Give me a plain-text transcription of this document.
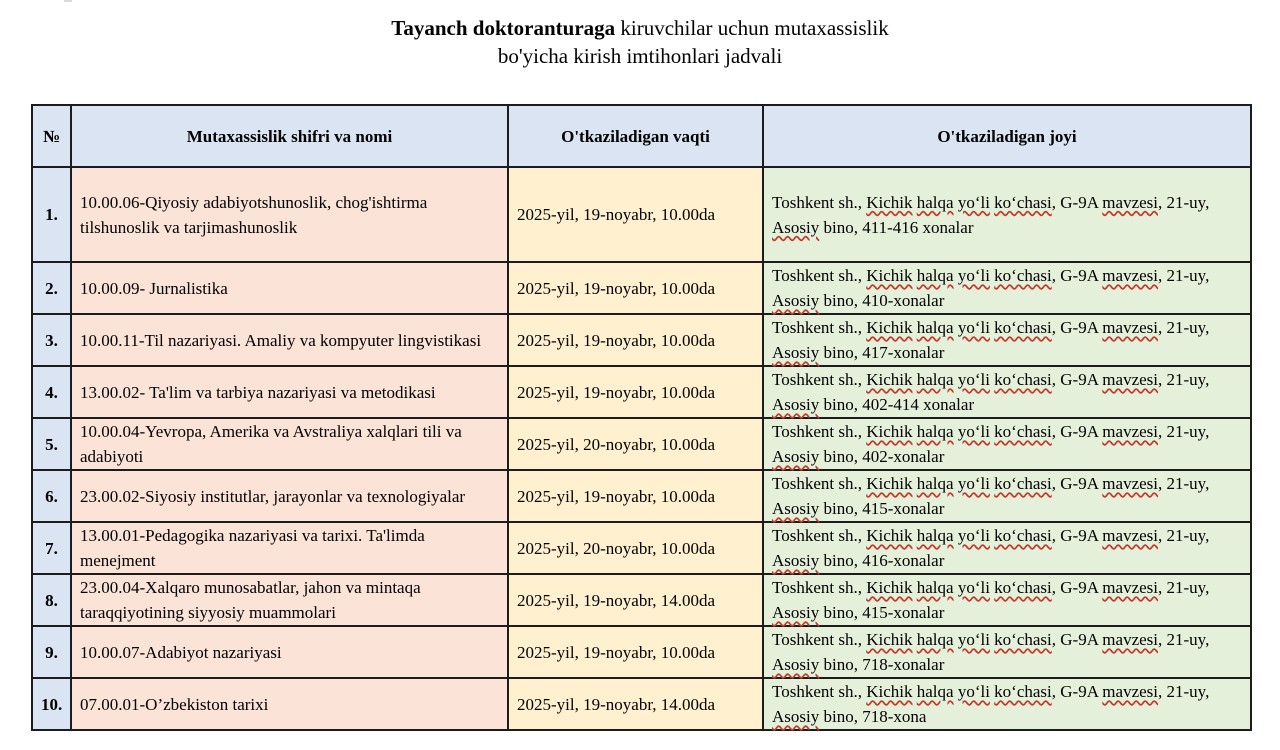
Tayanch doktoranturaga kiruvchilar uchun mutaxassislik
bo'yicha kirish imtihonlari jadvali
№	Mutaxassislik shifri va nomi	O'tkaziladigan vaqti	O'tkaziladigan joyi
1.	10.00.06-Qiyosiy adabiyotshunoslik, chog'ishtirma tilshunoslik va tarjimashunoslik	2025-yil, 19-noyabr, 10.00da	Toshkent sh., Kichik halqa yo‘li ko‘chasi, G-9A mavzesi, 21-uy, Asosiy bino, 411-416 xonalar
2.	10.00.09- Jurnalistika	2025-yil, 19-noyabr, 10.00da	Toshkent sh., Kichik halqa yo‘li ko‘chasi, G-9A mavzesi, 21-uy, Asosiy bino, 410-xonalar
3.	10.00.11-Til nazariyasi. Amaliy va kompyuter lingvistikasi	2025-yil, 19-noyabr, 10.00da	Toshkent sh., Kichik halqa yo‘li ko‘chasi, G-9A mavzesi, 21-uy, Asosiy bino, 417-xonalar
4.	13.00.02- Ta'lim va tarbiya nazariyasi va metodikasi	2025-yil, 19-noyabr, 10.00da	Toshkent sh., Kichik halqa yo‘li ko‘chasi, G-9A mavzesi, 21-uy, Asosiy bino, 402-414 xonalar
5.	10.00.04-Yevropa, Amerika va Avstraliya xalqlari tili va adabiyoti	2025-yil, 20-noyabr, 10.00da	Toshkent sh., Kichik halqa yo‘li ko‘chasi, G-9A mavzesi, 21-uy, Asosiy bino, 402-xonalar
6.	23.00.02-Siyosiy institutlar, jarayonlar va texnologiyalar	2025-yil, 19-noyabr, 10.00da	Toshkent sh., Kichik halqa yo‘li ko‘chasi, G-9A mavzesi, 21-uy, Asosiy bino, 415-xonalar
7.	13.00.01-Pedagogika nazariyasi va tarixi. Ta'limda menejment	2025-yil, 20-noyabr, 10.00da	Toshkent sh., Kichik halqa yo‘li ko‘chasi, G-9A mavzesi, 21-uy, Asosiy bino, 416-xonalar
8.	23.00.04-Xalqaro munosabatlar, jahon va mintaqa taraqqiyotining siyyosiy muammolari	2025-yil, 19-noyabr, 14.00da	Toshkent sh., Kichik halqa yo‘li ko‘chasi, G-9A mavzesi, 21-uy, Asosiy bino, 415-xonalar
9.	10.00.07-Adabiyot nazariyasi	2025-yil, 19-noyabr, 10.00da	Toshkent sh., Kichik halqa yo‘li ko‘chasi, G-9A mavzesi, 21-uy, Asosiy bino, 718-xonalar
10.	07.00.01-O’zbekiston tarixi	2025-yil, 19-noyabr, 14.00da	Toshkent sh., Kichik halqa yo‘li ko‘chasi, G-9A mavzesi, 21-uy, Asosiy bino, 718-xona
